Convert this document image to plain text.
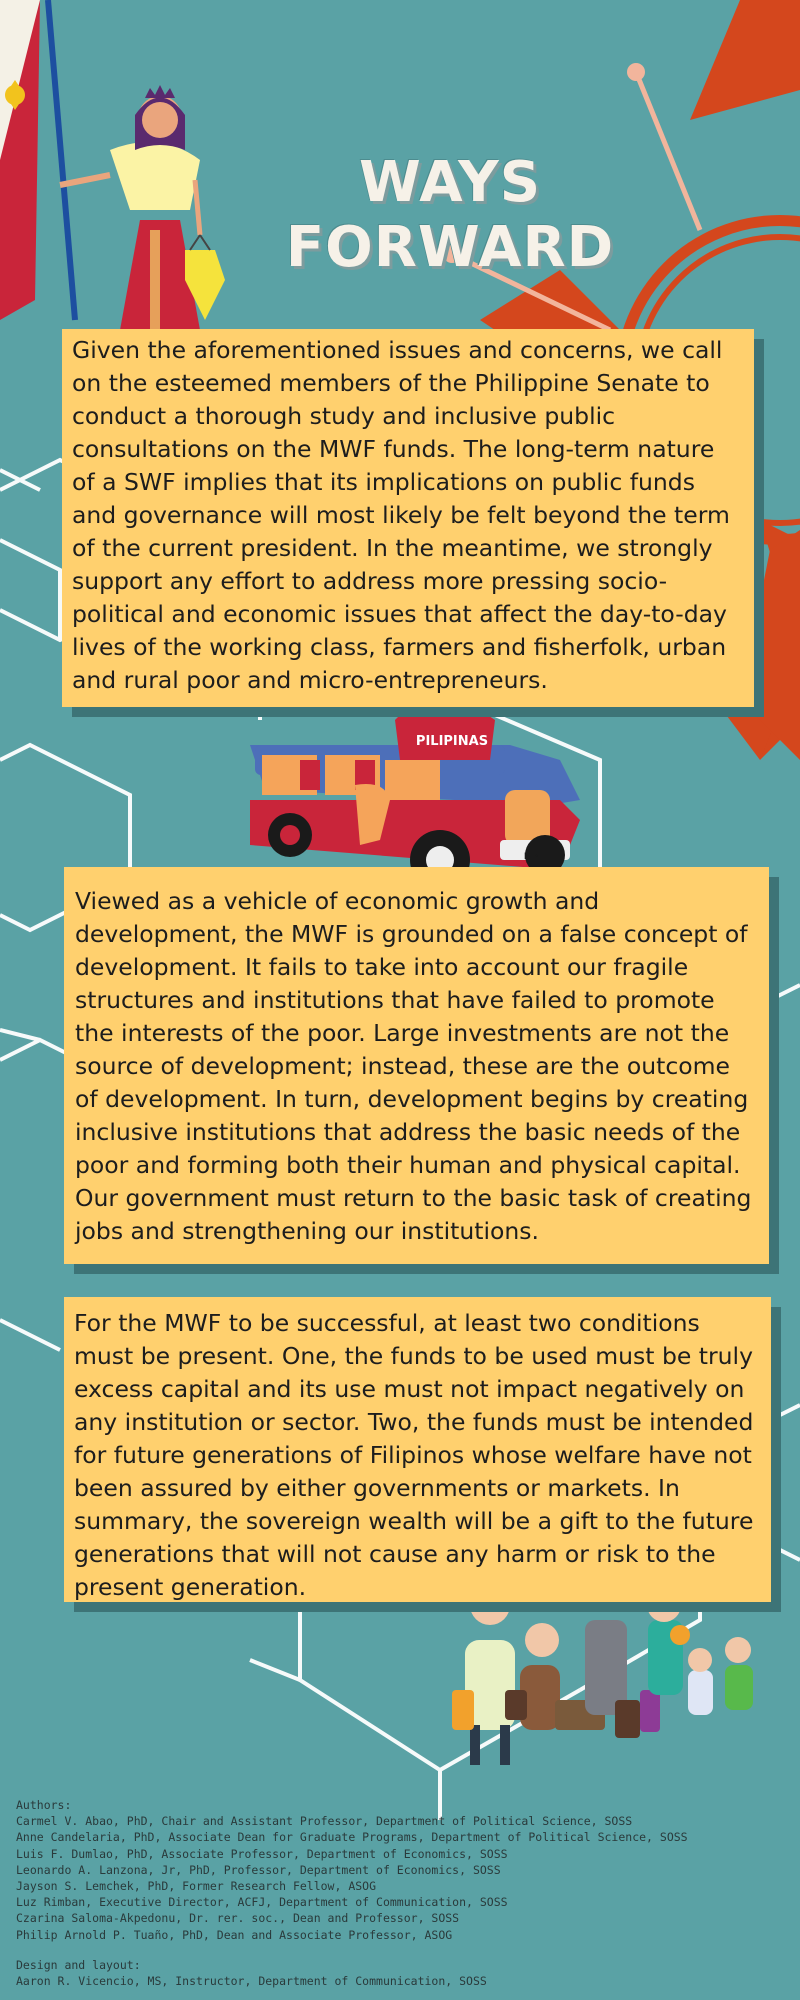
WAYS FORWARD
Given the aforementioned issues and concerns, we call on the esteemed members of the Philippine Senate to conduct a thorough study and inclusive public consultations on the MWF funds. The long-term nature of a SWF implies that its implications on public funds and governance will most likely be felt beyond the term of the current president. In the meantime, we strongly support any effort to address more pressing socio-political and economic issues that affect the day-to-day lives of the working class, farmers and fisherfolk, urban and rural poor and micro-entrepreneurs.
Viewed as a vehicle of economic growth and development, the MWF is grounded on a false concept of development. It fails to take into account our fragile structures and institutions that have failed to promote the interests of the poor. Large investments are not the source of development; instead, these are the outcome of development. In turn, development begins by creating inclusive institutions that address the basic needs of the poor and forming both their human and physical capital. Our government must return to the basic task of creating jobs and strengthening our institutions.
For the MWF to be successful, at least two conditions must be present. One, the funds to be used must be truly excess capital and its use must not impact negatively on any institution or sector. Two, the funds must be intended for future generations of Filipinos whose welfare have not been assured by either governments or markets. In summary, the sovereign wealth will be a gift to the future generations that will not cause any harm or risk to the present generation.
PILIPINAS
MNL
Authors:
Carmel V. Abao, PhD, Chair and Assistant Professor, Department of Political Science, SOSS
Anne Candelaria, PhD, Associate Dean for Graduate Programs, Department of Political Science, SOSS
Luis F. Dumlao, PhD, Associate Professor, Department of Economics, SOSS
Leonardo A. Lanzona, Jr, PhD, Professor, Department of Economics, SOSS
Jayson S. Lemchek, PhD, Former Research Fellow, ASOG
Luz Rimban, Executive Director, ACFJ, Department of Communication, SOSS
Czarina Saloma-Akpedonu, Dr. rer. soc., Dean and Professor, SOSS
Philip Arnold P. Tuaño, PhD, Dean and Associate Professor, ASOG
Design and layout:
Aaron R. Vicencio, MS, Instructor, Department of Communication, SOSS
